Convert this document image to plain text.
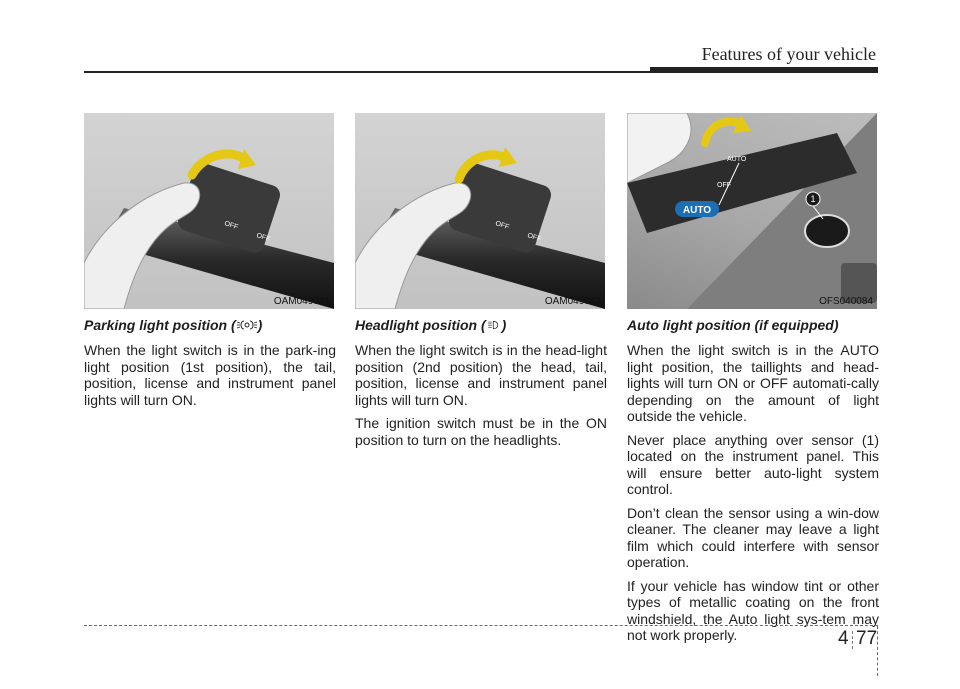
Features of your vehicle
OFF
OFF
OAM049041
OFF
OFF
OAM049042
AUTO
AUTO
OFF
1
OFS040084
Parking light position ( )

When the light switch is in the park-ing light position (1st position), the tail, position, license and instrument panel lights will turn ON.

Headlight position ( )

When the light switch is in the head-light position (2nd position) the head, tail, position, license and instrument panel lights will turn ON.

The ignition switch must be in the ON position to turn on the headlights.

Auto light position (if equipped)

When the light switch is in the AUTO light position, the taillights and head-lights will turn ON or OFF automati-cally depending on the amount of light outside the vehicle.

Never place anything over sensor (1) located on the instrument panel. This will ensure better auto-light system control.

Don’t clean the sensor using a win-dow cleaner. The cleaner may leave a light film which could interfere with sensor operation.

If your vehicle has window tint or other types of metallic coating on the front windshield, the Auto light sys-tem may not work properly.	4 77
